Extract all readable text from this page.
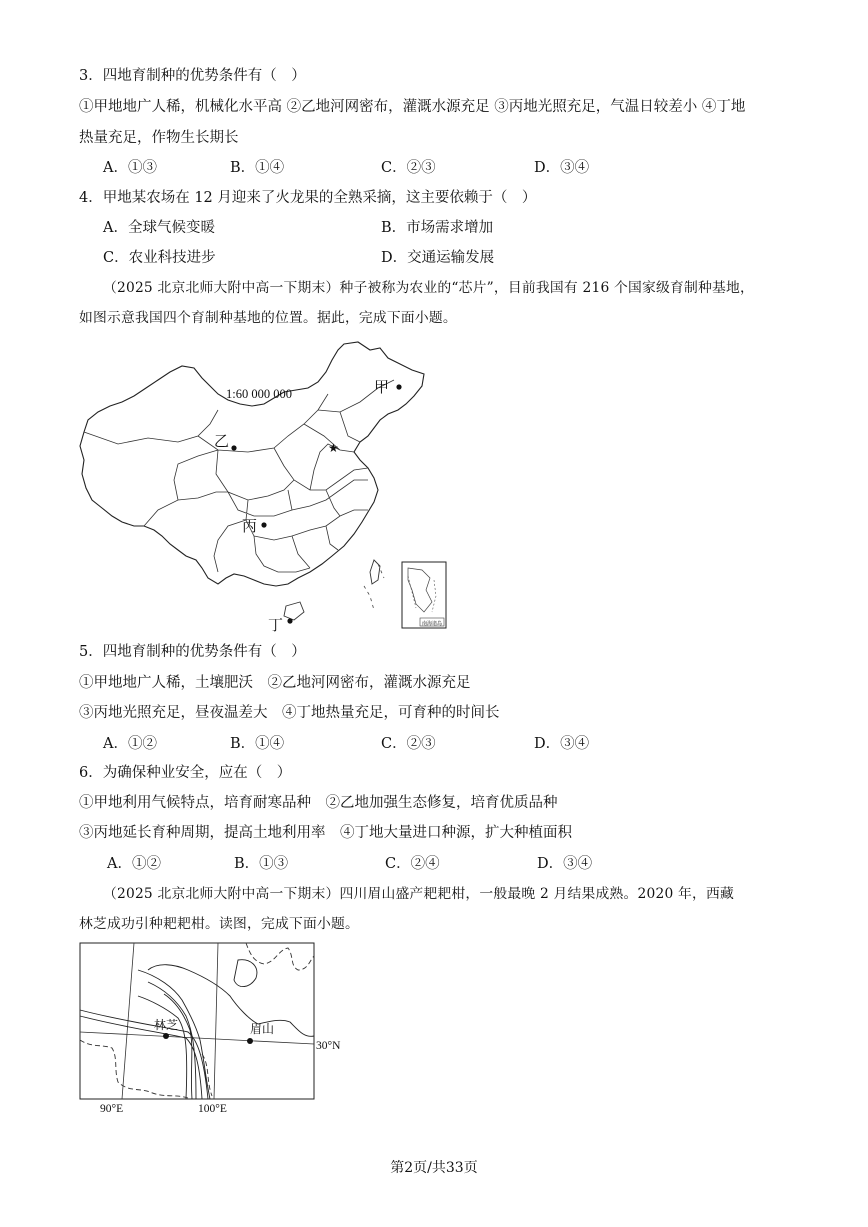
3．四地育制种的优势条件有（　）
①甲地地广人稀，机械化水平高 ②乙地河网密布，灌溉水源充足 ③丙地光照充足，气温日较差小 ④丁地
热量充足，作物生长期长
A．①③	B．①④	C．②③	D．③④
4．甲地某农场在 12 月迎来了火龙果的全熟采摘，这主要依赖于（　）
A．全球气候变暖	B．市场需求增加
C．农业科技进步	D．交通运输发展
（2025 北京北师大附中高一下期末）种子被称为农业的“芯片”，目前我国有 216 个国家级育制种基地，
如图示意我国四个育制种基地的位置。据此，完成下面小题。
南海诸岛
★
1:60 000 000	甲
乙
丙
丁
5．四地育制种的优势条件有（　）
①甲地地广人稀，土壤肥沃　②乙地河网密布，灌溉水源充足
③丙地光照充足，昼夜温差大　④丁地热量充足，可育种的时间长
A．①②	B．①④	C．②③	D．③④
6．为确保种业安全，应在（　）
①甲地利用气候特点，培育耐寒品种　②乙地加强生态修复，培育优质品种
③丙地延长育种周期，提高土地利用率　④丁地大量进口种源，扩大种植面积
A．①②	B．①③	C．②④	D．③④
（2025 北京北师大附中高一下期末）四川眉山盛产耙耙柑，一般最晚 2 月结果成熟。2020 年，西藏
林芝成功引种耙耙柑。读图，完成下面小题。
林芝	眉山
30°N
90°E	100°E
第2页/共33页
